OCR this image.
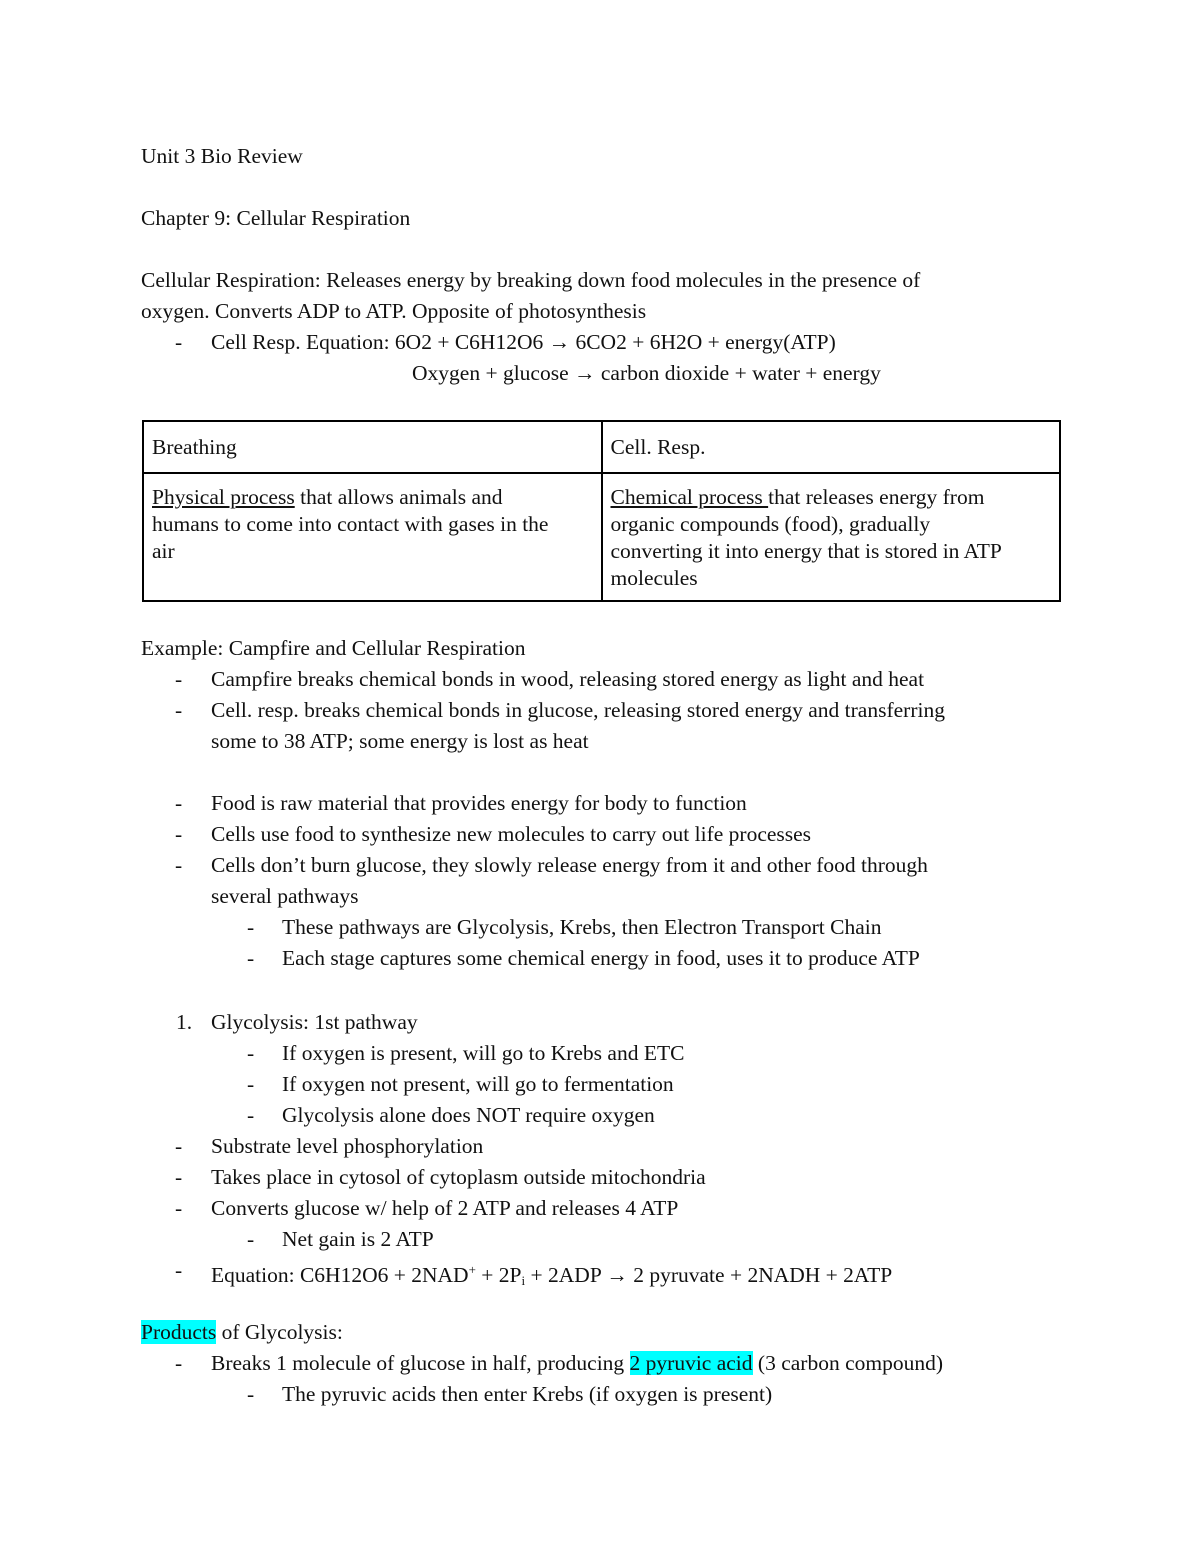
Unit 3 Bio Review
Chapter 9: Cellular Respiration
Cellular Respiration: Releases energy by breaking down food molecules in the presence of
oxygen. Converts ADP to ATP. Opposite of photosynthesis
- Cell Resp. Equation: 6O2 + C6H12O6 → 6CO2 + 6H2O + energy(ATP)
Oxygen + glucose → carbon dioxide + water + energy
Breathing	Cell. Resp.
Physical process that allows animals and
humans to come into contact with gases in the
air	Chemical process that releases energy from
organic compounds (food), gradually
converting it into energy that is stored in ATP
molecules
Example: Campfire and Cellular Respiration
- Campfire breaks chemical bonds in wood, releasing stored energy as light and heat
- Cell. resp. breaks chemical bonds in glucose, releasing stored energy and transferring
some to 38 ATP; some energy is lost as heat
- Food is raw material that provides energy for body to function
- Cells use food to synthesize new molecules to carry out life processes
- Cells don’t burn glucose, they slowly release energy from it and other food through
several pathways
- These pathways are Glycolysis, Krebs, then Electron Transport Chain
- Each stage captures some chemical energy in food, uses it to produce ATP
1. Glycolysis: 1st pathway
- If oxygen is present, will go to Krebs and ETC
- If oxygen not present, will go to fermentation
- Glycolysis alone does NOT require oxygen
- Substrate level phosphorylation
- Takes place in cytosol of cytoplasm outside mitochondria
- Converts glucose w/ help of 2 ATP and releases 4 ATP
- Net gain is 2 ATP
- Equation: $C6H12O6 + 2NAD^+ + 2P_i + 2ADP \to 2$ pyruvate + 2NADH + 2ATP
Products of Glycolysis:
- Breaks 1 molecule of glucose in half, producing 2 pyruvic acid (3 carbon compound)
- The pyruvic acids then enter Krebs (if oxygen is present)
